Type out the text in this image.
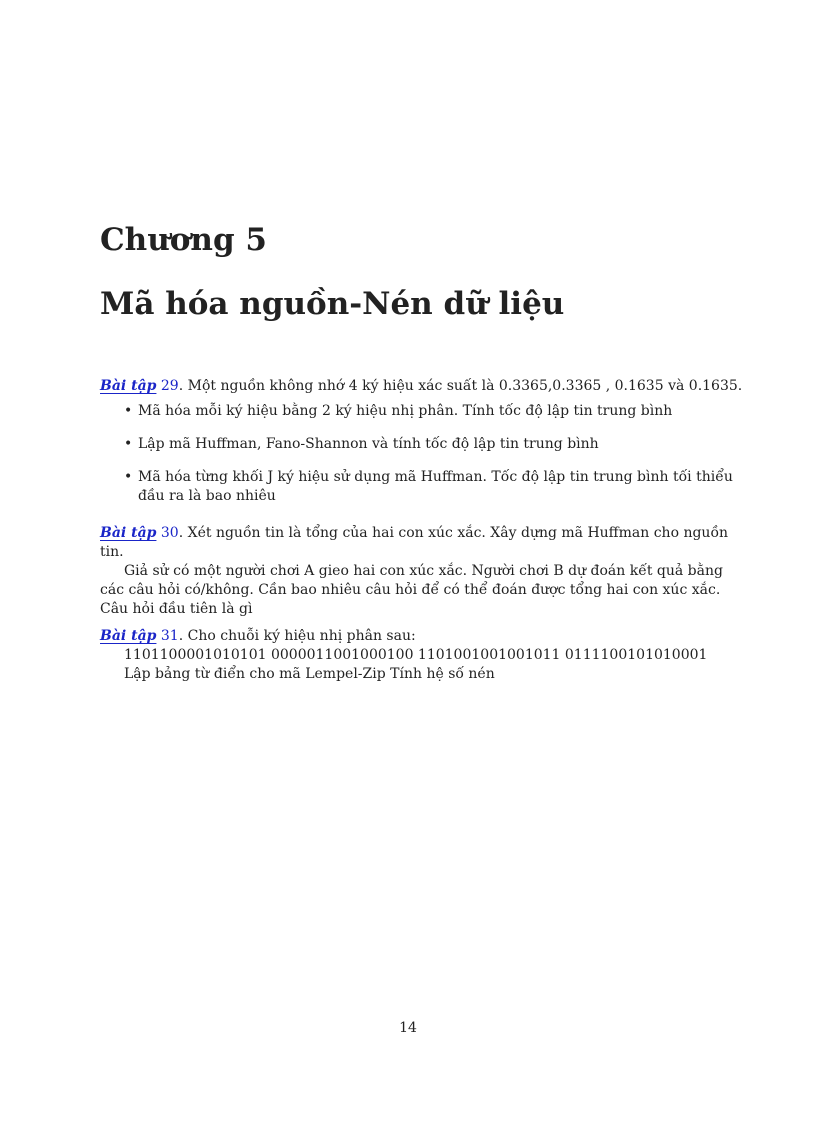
Chương 5
Mã hóa nguồn-Nén dữ liệu

Bài tập 29. Một nguồn không nhớ 4 ký hiệu xác suất là 0.3365,0.3365 , 0.1635 và 0.1635.

• Mã hóa mỗi ký hiệu bằng 2 ký hiệu nhị phân. Tính tốc độ lập tin trung bình
• Lập mã Huffman, Fano-Shannon và tính tốc độ lập tin trung bình
• Mã hóa từng khối J ký hiệu sử dụng mã Huffman. Tốc độ lập tin trung bình tối thiểu đầu ra là bao nhiêu

Bài tập 30. Xét nguồn tin là tổng của hai con xúc xắc. Xây dựng mã Huffman cho nguồn tin.

Giả sử có một người chơi A gieo hai con xúc xắc. Người chơi B dự đoán kết quả bằng các câu hỏi có/không. Cần bao nhiêu câu hỏi để có thể đoán được tổng hai con xúc xắc. Câu hỏi đầu tiên là gì

Bài tập 31. Cho chuỗi ký hiệu nhị phân sau:

1101100001010101 0000011001000100 1101001001001011 0111100101010001

Lập bảng từ điển cho mã Lempel-Zip Tính hệ số nén

14
